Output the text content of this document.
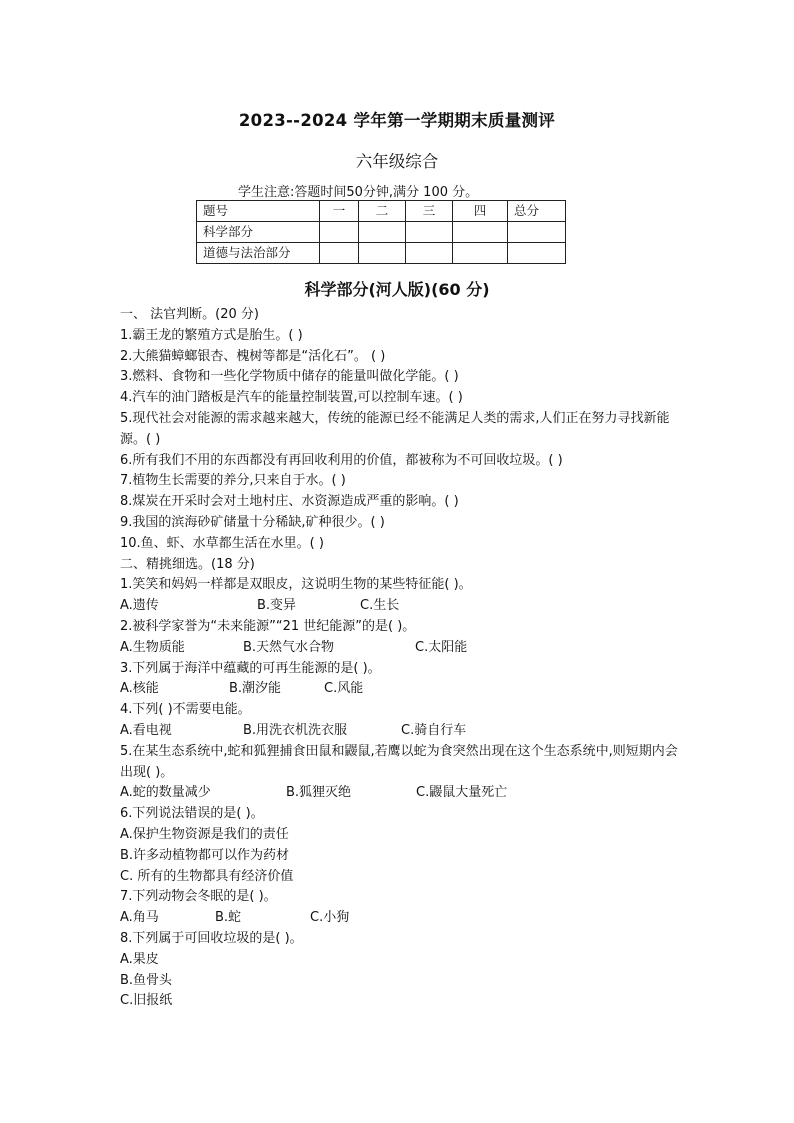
2023--2024 学年第一学期期末质量测评
六年级综合
学生注意:答题时间50分钟,满分 100 分。
题号	一	二	三	四	总分
科学部分					
道德与法治部分					
科学部分(河人版)(60 分)
一、 法官判断。(20 分)
1.霸王龙的繁殖方式是胎生。( )
2.大熊猫蟑螂银杏、槐树等都是“活化石”。 ( )
3.燃料、食物和一些化学物质中储存的能量叫做化学能。( )
4.汽车的油门踏板是汽车的能量控制装置,可以控制车速。( )
5.现代社会对能源的需求越来越大，传统的能源已经不能满足人类的需求,人们正在努力寻找新能源。( )
6.所有我们不用的东西都没有再回收利用的价值，都被称为不可回收垃圾。( )
7.植物生长需要的养分,只来自于水。( )
8.煤炭在开采时会对土地村庄、水资源造成严重的影响。( )
9.我国的滨海砂矿储量十分稀缺,矿种很少。( )
10.鱼、虾、水草都生活在水里。( )
二、精挑细选。(18 分)
1.笑笑和妈妈一样都是双眼皮，这说明生物的某些特征能( )。
A.遗传	B.变异	C.生长
2.被科学家誉为“未来能源”“21 世纪能源”的是( )。
A.生物质能	B.天然气水合物	C.太阳能
3.下列属于海洋中蕴藏的可再生能源的是( )。
A.核能	B.潮汐能	C.风能
4.下列( )不需要电能。
A.看电视	B.用洗衣机洗衣服	C.骑自行车
5.在某生态系统中,蛇和狐狸捕食田鼠和鼹鼠,若鹰以蛇为食突然出现在这个生态系统中,则短期内会出现( )。
A.蛇的数量减少	B.狐狸灭绝	C.鼹鼠大量死亡
6.下列说法错误的是( )。
A.保护生物资源是我们的责任
B.许多动植物都可以作为药材
C. 所有的生物都具有经济价值
7.下列动物会冬眠的是( )。
A.角马	B.蛇	C.小狗
8.下列属于可回收垃圾的是( )。
A.果皮
B.鱼骨头
C.旧报纸
